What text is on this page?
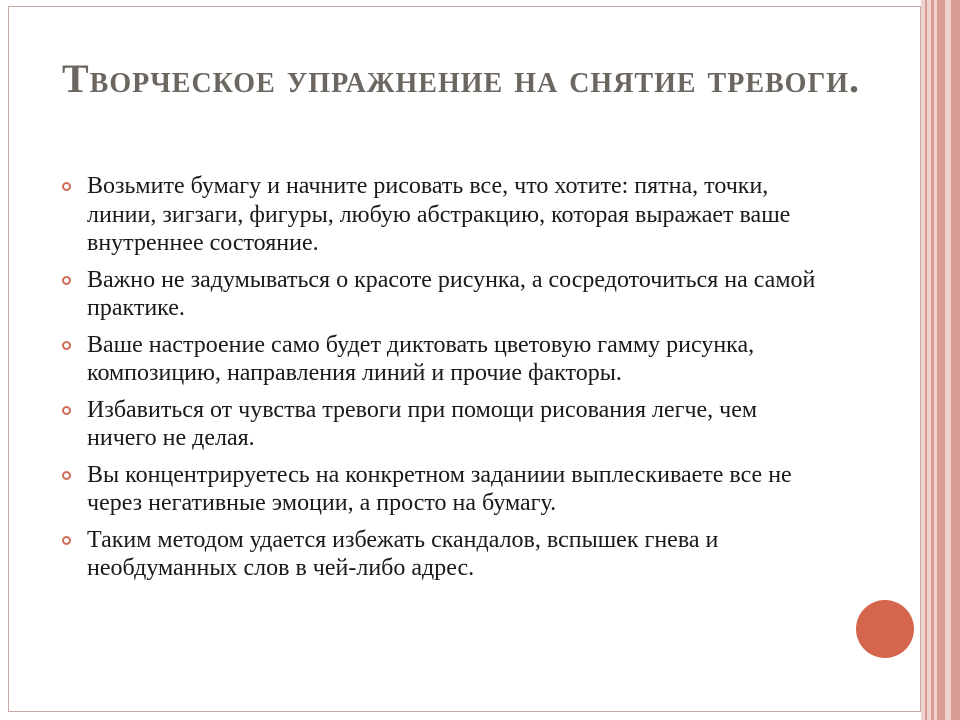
Творческое упражнение на снятие тревоги.
Возьмите бумагу и начните рисовать все, что хотите: пятна, точки, линии, зигзаги, фигуры, любую абстракцию, которая выражает ваше внутреннее состояние.
Важно не задумываться о красоте рисунка, а сосредоточиться на самой практике.
Ваше настроение само будет диктовать цветовую гамму рисунка, композицию, направления линий и прочие факторы.
Избавиться от чувства тревоги при помощи рисования легче, чем ничего не делая.
Вы концентрируетесь на конкретном заданиии выплескиваете все не через негативные эмоции, а просто на бумагу.
Таким методом удается избежать скандалов, вспышек гнева и необдуманных слов в чей-либо адрес.
